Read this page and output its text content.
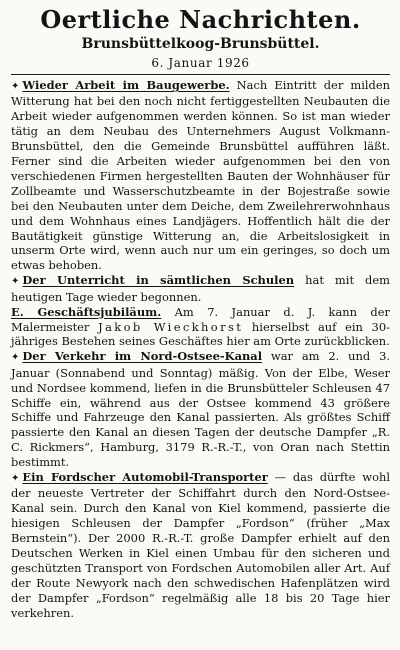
Oertliche Nachrichten.
Brunsbüttelkoog-Brunsbüttel.
6. Januar 1926

✦ Wieder Arbeit im Baugewerbe. Nach Eintritt der milden Witterung hat bei den noch nicht fertiggestellten Neubauten die Arbeit wieder aufgenommen werden können. So ist man wieder tätig an dem Neubau des Unternehmers August Volkmann-Brunsbüttel, den die Gemeinde Brunsbüttel aufführen läßt. Ferner sind die Arbeiten wieder aufgenommen bei den von verschiedenen Firmen hergestellten Bauten der Wohnhäuser für Zollbeamte und Wasserschutzbeamte in der Bojestraße sowie bei den Neubauten unter dem Deiche, dem Zweilehrerwohnhaus und dem Wohnhaus eines Landjägers. Hoffentlich hält die der Bautätigkeit günstige Witterung an, die Arbeitslosigkeit in unserm Orte wird, wenn auch nur um ein geringes, so doch um etwas behoben.

✦ Der Unterricht in sämtlichen Schulen hat mit dem heutigen Tage wieder begonnen.

E. Geschäftsjubiläum. Am 7. Januar d. J. kann der Malermeister Jakob Wieckhorst hierselbst auf ein 30-jähriges Bestehen seines Geschäftes hier am Orte zurückblicken.

✦ Der Verkehr im Nord-Ostsee-Kanal war am 2. und 3. Januar (Sonnabend und Sonntag) mäßig. Von der Elbe, Weser und Nordsee kommend, liefen in die Brunsbütteler Schleusen 47 Schiffe ein, während aus der Ostsee kommend 43 größere Schiffe und Fahrzeuge den Kanal passierten. Als größtes Schiff passierte den Kanal an diesen Tagen der deutsche Dampfer „R. C. Rickmers“, Hamburg, 3179 R.-R.-T., von Oran nach Stettin bestimmt.

✦ Ein Fordscher Automobil-Transporter — das dürfte wohl der neueste Vertreter der Schiffahrt durch den Nord-Ostsee-Kanal sein. Durch den Kanal von Kiel kommend, passierte die hiesigen Schleusen der Dampfer „Fordson“ (früher „Max Bernstein“). Der 2000 R.-R.-T. große Dampfer erhielt auf den Deutschen Werken in Kiel einen Umbau für den sicheren und geschützten Transport von Fordschen Automobilen aller Art. Auf der Route Newyork nach den schwedischen Hafenplätzen wird der Dampfer „Fordson“ regelmäßig alle 18 bis 20 Tage hier verkehren.
